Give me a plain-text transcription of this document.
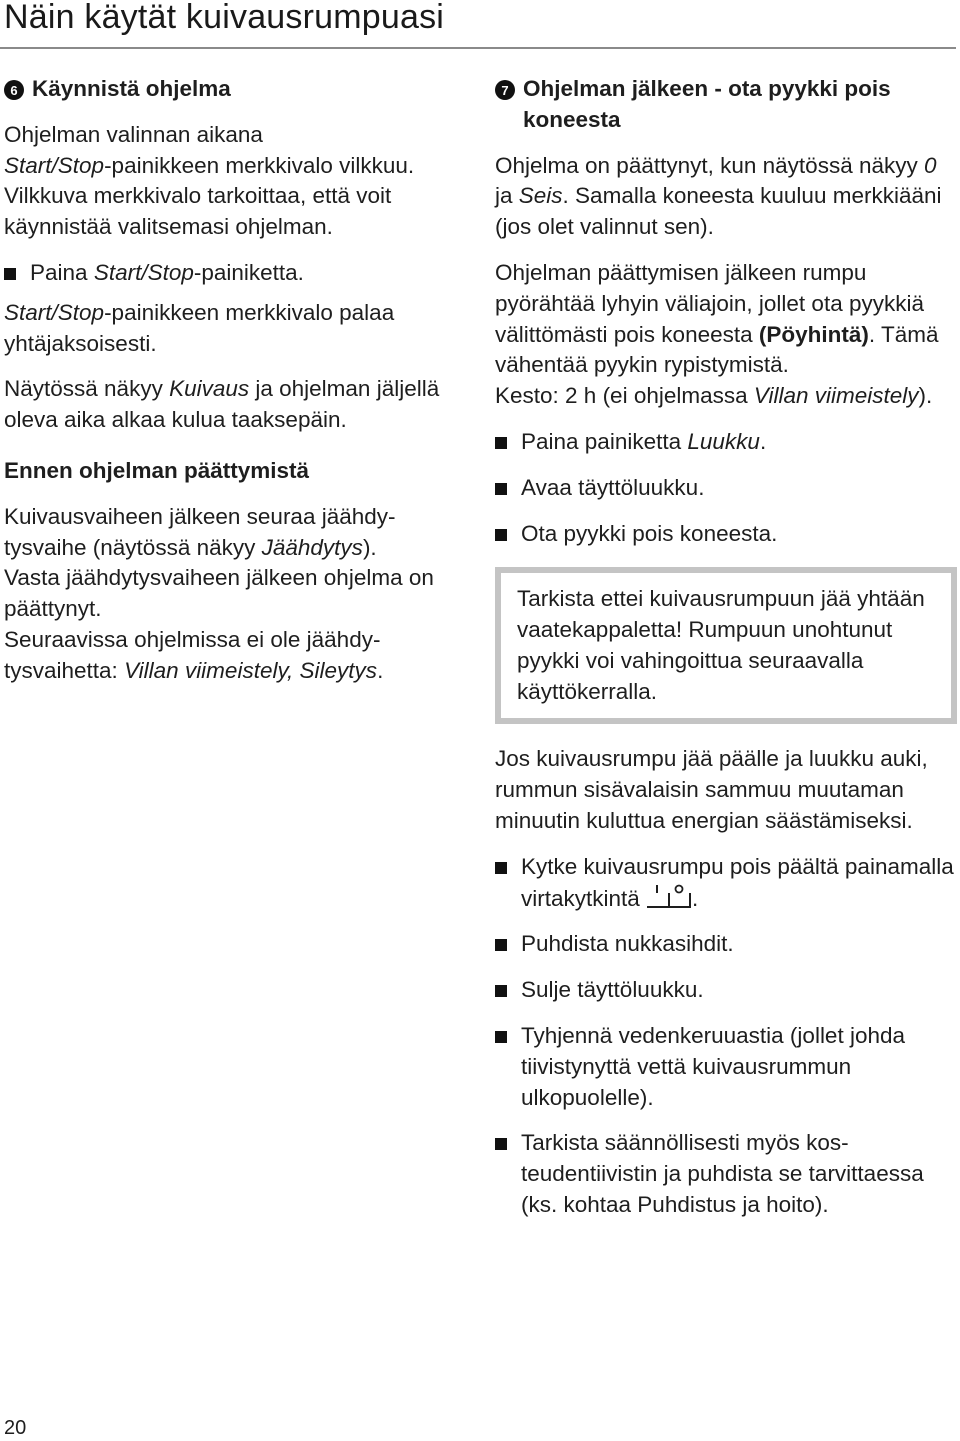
Näin käytät kuivausrumpuasi
6 Käynnistä ohjelma

Ohjelman valinnan aikana
Start/Stop-painikkeen merkkivalo vilkkuu. Vilkkuva merkkivalo tarkoittaa, että voit käynnistää valitsemasi ohjelman.

Paina Start/Stop-painiketta.

Start/Stop-painikkeen merkkivalo palaa yhtäjaksoisesti.

Näytössä näkyy Kuivaus ja ohjelman jäljellä oleva aika alkaa kulua taaksepäin.

Ennen ohjelman päättymistä

Kuivausvaiheen jälkeen seuraa jäähdytysvaihe (näytössä näkyy Jäähdytys).

Vasta jäähdytysvaiheen jälkeen ohjelma on päättynyt.

Seuraavissa ohjelmissa ei ole jäähdytysvaihetta: Villan viimeistely, Sileytys.

7 Ohjelman jälkeen - ota pyykki pois koneesta

Ohjelma on päättynyt, kun näytössä näkyy 0 ja Seis. Samalla koneesta kuuluu merkkiääni (jos olet valinnut sen).

Ohjelman päättymisen jälkeen rumpu pyörähtää lyhyin väliajoin, jollet ota pyykkiä välittömästi pois koneesta (Pöyhintä). Tämä vähentää pyykin rypistymistä.

Kesto: 2 h (ei ohjelmassa Villan viimeistely).

Paina painiketta Luukku.
Avaa täyttöluukku.
Ota pyykki pois koneesta.

Tarkista ettei kuivausrumpuun jää yhtään vaatekappaletta! Rumpuun unohtunut pyykki voi vahingoittua seuraavalla käyttökerralla.

Jos kuivausrumpu jää päälle ja luukku auki, rummun sisävalaisin sammuu muutaman minuutin kuluttua energian säästämiseksi.

Kytke kuivausrumpu pois päältä painamalla virtakytkintä .
Puhdista nukkasihdit.
Sulje täyttöluukku.
Tyhjennä vedenkeruuastia (jollet johda tiivistynyttä vettä kuivausrummun ulkopuolelle).
Tarkista säännöllisesti myös kosteudentiivistin ja puhdista se tarvittaessa (ks. kohtaa Puhdistus ja hoito).
20
